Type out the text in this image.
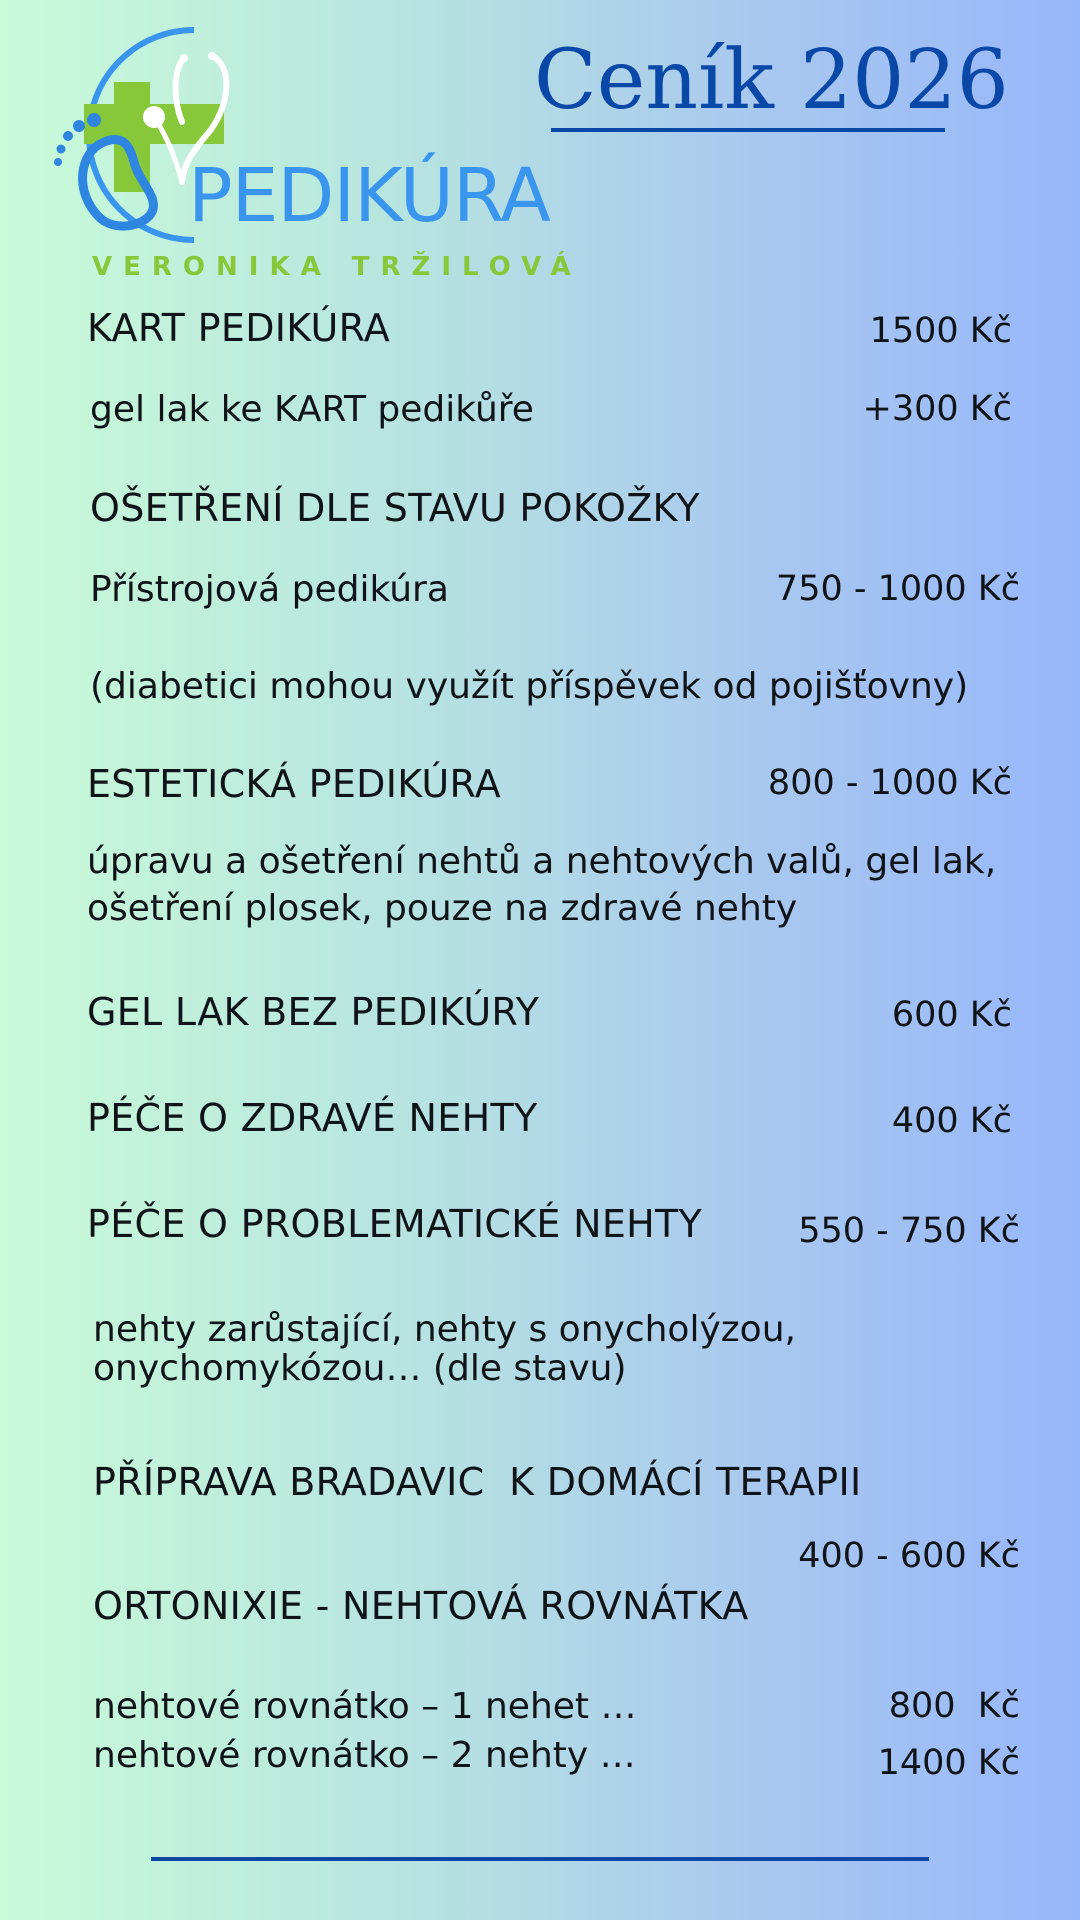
PEDIKÚRA
VERONIKA TRŽILOVÁ
Ceník 2026
KART PEDIKÚRA	1500 Kč
gel lak ke KART pedikůře	+300 Kč
OŠETŘENÍ DLE STAVU POKOŽKY
Přístrojová pedikúra	750 - 1000 Kč
(diabetici mohou využít příspěvek od pojišťovny)
ESTETICKÁ PEDIKÚRA	800 - 1000 Kč
úpravu a ošetření nehtů a nehtových valů, gel lak,
ošetření plosek, pouze na zdravé nehty
GEL LAK BEZ PEDIKÚRY	600 Kč
PÉČE O ZDRAVÉ NEHTY	400 Kč
PÉČE O PROBLEMATICKÉ NEHTY	550 - 750 Kč
nehty zarůstající, nehty s onycholýzou,
onychomykózou… (dle stavu)
PŘÍPRAVA BRADAVIC  K DOMÁCÍ TERAPII
400 - 600 Kč
ORTONIXIE - NEHTOVÁ ROVNÁTKA
nehtové rovnátko – 1 nehet …	800  Kč
nehtové rovnátko – 2 nehty …	1400 Kč
